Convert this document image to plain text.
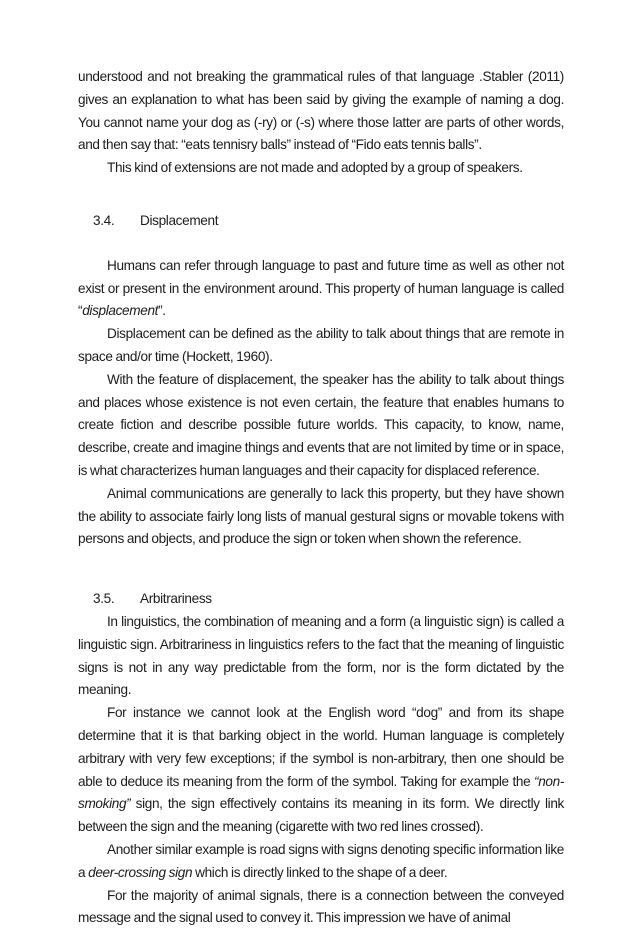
understood and not breaking the grammatical rules of that language .Stabler (2011) gives an explanation to what has been said by giving the example of naming a dog. You cannot name your dog as (-ry) or (-s) where those latter are parts of other words, and then say that: “eats tennisry balls” instead of “Fido eats tennis balls”.

This kind of extensions are not made and adopted by a group of speakers.

3.4.	Displacement

Humans can refer through language to past and future time as well as other not exist or present in the environment around. This property of human language is called “displacement”.

Displacement can be defined as the ability to talk about things that are remote in space and/or time (Hockett, 1960).

With the feature of displacement, the speaker has the ability to talk about things and places whose existence is not even certain, the feature that enables humans to create fiction and describe possible future worlds. This capacity, to know, name, describe, create and imagine things and events that are not limited by time or in space, is what characterizes human languages and their capacity for displaced reference.

Animal communications are generally to lack this property, but they have shown the ability to associate fairly long lists of manual gestural signs or movable tokens with persons and objects, and produce the sign or token when shown the reference.

3.5.	Arbitrariness

In linguistics, the combination of meaning and a form (a linguistic sign) is called a linguistic sign. Arbitrariness in linguistics refers to the fact that the meaning of linguistic signs is not in any way predictable from the form, nor is the form dictated by the meaning.

For instance we cannot look at the English word “dog” and from its shape determine that it is that barking object in the world. Human language is completely arbitrary with very few exceptions; if the symbol is non-arbitrary, then one should be able to deduce its meaning from the form of the symbol. Taking for example the “non-smoking” sign, the sign effectively contains its meaning in its form. We directly link between the sign and the meaning (cigarette with two red lines crossed).

Another similar example is road signs with signs denoting specific information like a deer-crossing sign which is directly linked to the shape of a deer.

For the majority of animal signals, there is a connection between the conveyed message and the signal used to convey it. This impression we have of animal
